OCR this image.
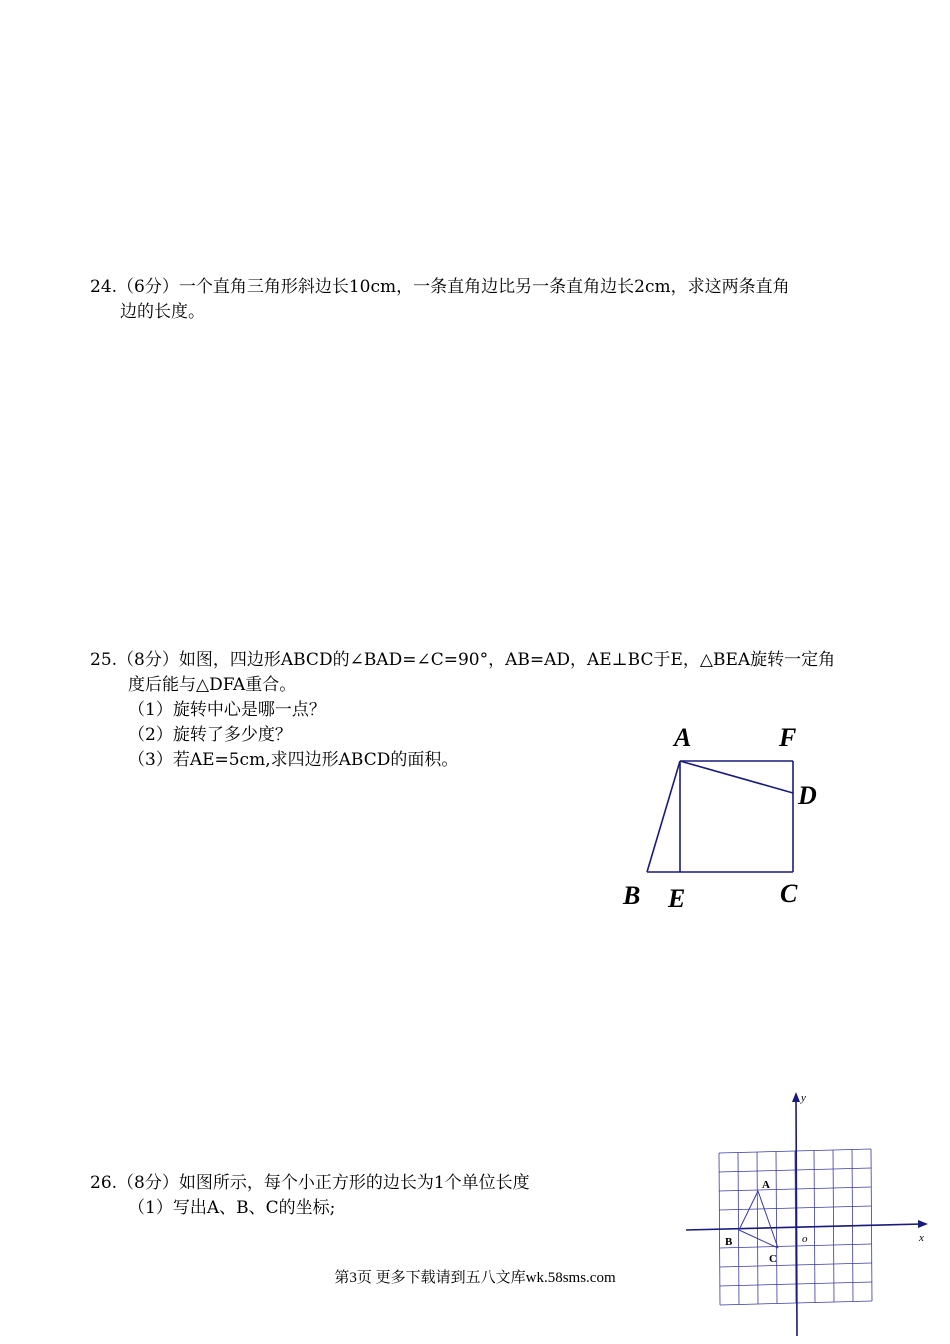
24.（6分）一个直角三角形斜边长10cm，一条直角边比另一条直角边长2cm，求这两条直角
边的长度。
25.（8分）如图，四边形ABCD的∠BAD=∠C=90°，AB=AD，AE⊥BC于E，△BEA旋转一定角
度后能与△DFA重合。
（1）旋转中心是哪一点？
（2）旋转了多少度？
（3）若AE=5cm,求四边形ABCD的面积。
A	F
D
B E	C
26.（8分）如图所示，每个小正方形的边长为1个单位长度
（1）写出A、B、C的坐标;
A
B
C
o	x
y
第3页 更多下载请到五八文库wk.58sms.com
